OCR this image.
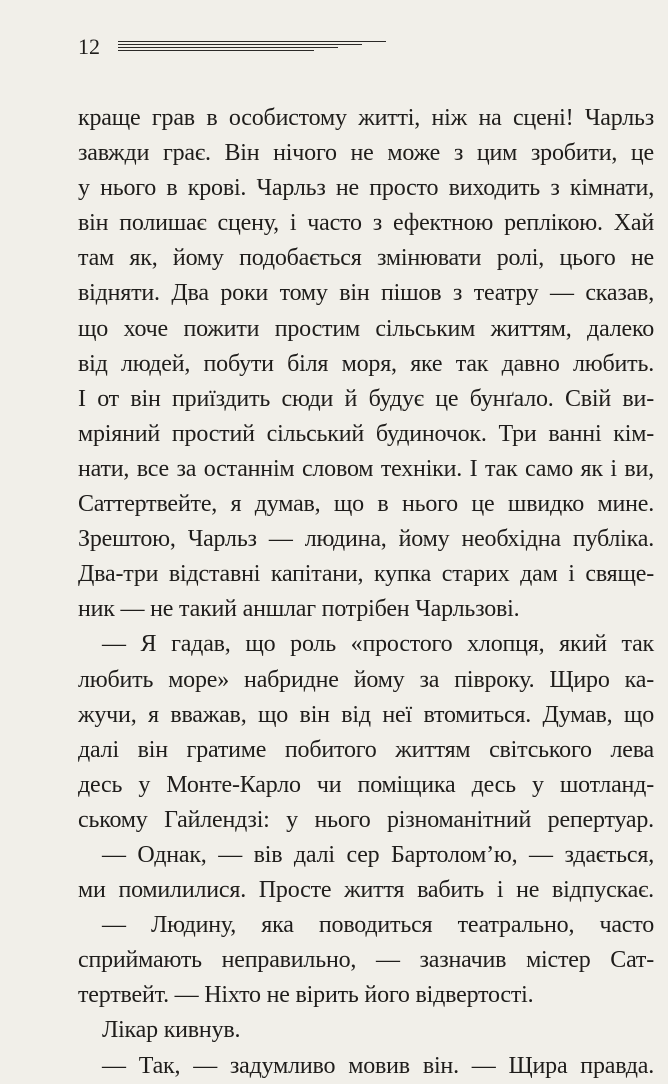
12
краще грав в особистому житті, ніж на сцені! Чарльз
завжди грає. Він нічого не може з цим зробити, це
у нього в крові. Чарльз не просто виходить з кімнати,
він полишає сцену, і часто з ефектною реплікою. Хай
там як, йому подобається змінювати ролі, цього не
відняти. Два роки тому він пішов з театру — сказав,
що хоче пожити простим сільським життям, далеко
від людей, побути біля моря, яке так давно любить.
І от він приїздить сюди й будує це бунґало. Свій ви-
мріяний простий сільський будиночок. Три ванні кім-
нати, все за останнім словом техніки. І так само як і ви,
Саттертвейте, я думав, що в нього це швидко мине.
Зрештою, Чарльз — людина, йому необхідна публіка.
Два-три відставні капітани, купка старих дам і свяще-
ник — не такий аншлаг потрібен Чарльзові.
— Я гадав, що роль «простого хлопця, який так
любить море» набридне йому за півроку. Щиро ка-
жучи, я вважав, що він від неї втомиться. Думав, що
далі він гратиме побитого життям світського лева
десь у Монте-Карло чи поміщика десь у шотланд-
ському Гайлендзі: у нього різноманітний репертуар.
— Однак, — вів далі сер Бартоломʼю, — здається,
ми помилилися. Просте життя вабить і не відпускає.
— Людину, яка поводиться театрально, часто
сприймають неправильно, — зазначив містер Сат-
тертвейт. — Ніхто не вірить його відвертості.
Лікар кивнув.
— Так, — задумливо мовив він. — Щира правда.
